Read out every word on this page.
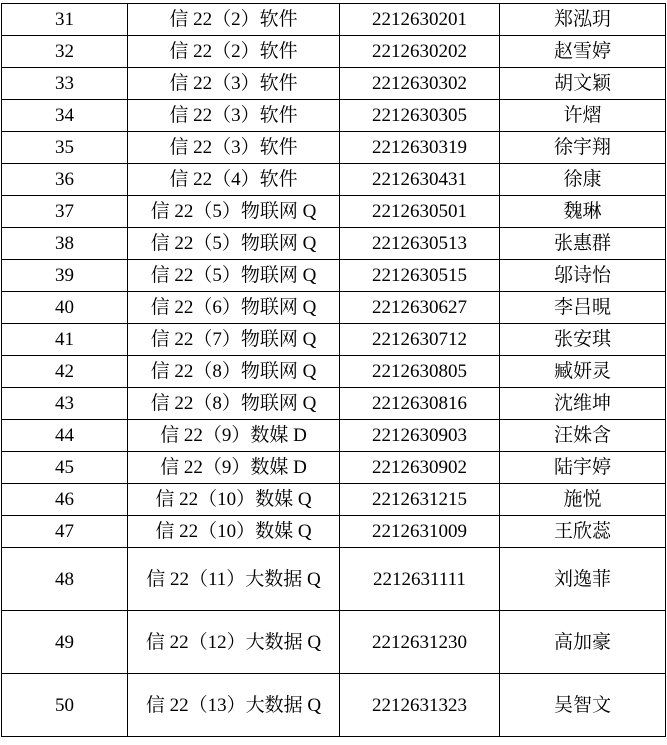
31	信 22（2）软件	2212630201	郑泓玥
32	信 22（2）软件	2212630202	赵雪婷
33	信 22（3）软件	2212630302	胡文颖
34	信 22（3）软件	2212630305	许熠
35	信 22（3）软件	2212630319	徐宇翔
36	信 22（4）软件	2212630431	徐康
37	信 22（5）物联网 Q	2212630501	魏琳
38	信 22（5）物联网 Q	2212630513	张惠群
39	信 22（5）物联网 Q	2212630515	邬诗怡
40	信 22（6）物联网 Q	2212630627	李吕晛
41	信 22（7）物联网 Q	2212630712	张安琪
42	信 22（8）物联网 Q	2212630805	臧妍灵
43	信 22（8）物联网 Q	2212630816	沈维坤
44	信 22（9）数媒 D	2212630903	汪姝含
45	信 22（9）数媒 D	2212630902	陆宇婷
46	信 22（10）数媒 Q	2212631215	施悦
47	信 22（10）数媒 Q	2212631009	王欣蕊
48	信 22（11）大数据 Q	2212631111	刘逸菲
49	信 22（12）大数据 Q	2212631230	高加豪
50	信 22（13）大数据 Q	2212631323	吴智文
